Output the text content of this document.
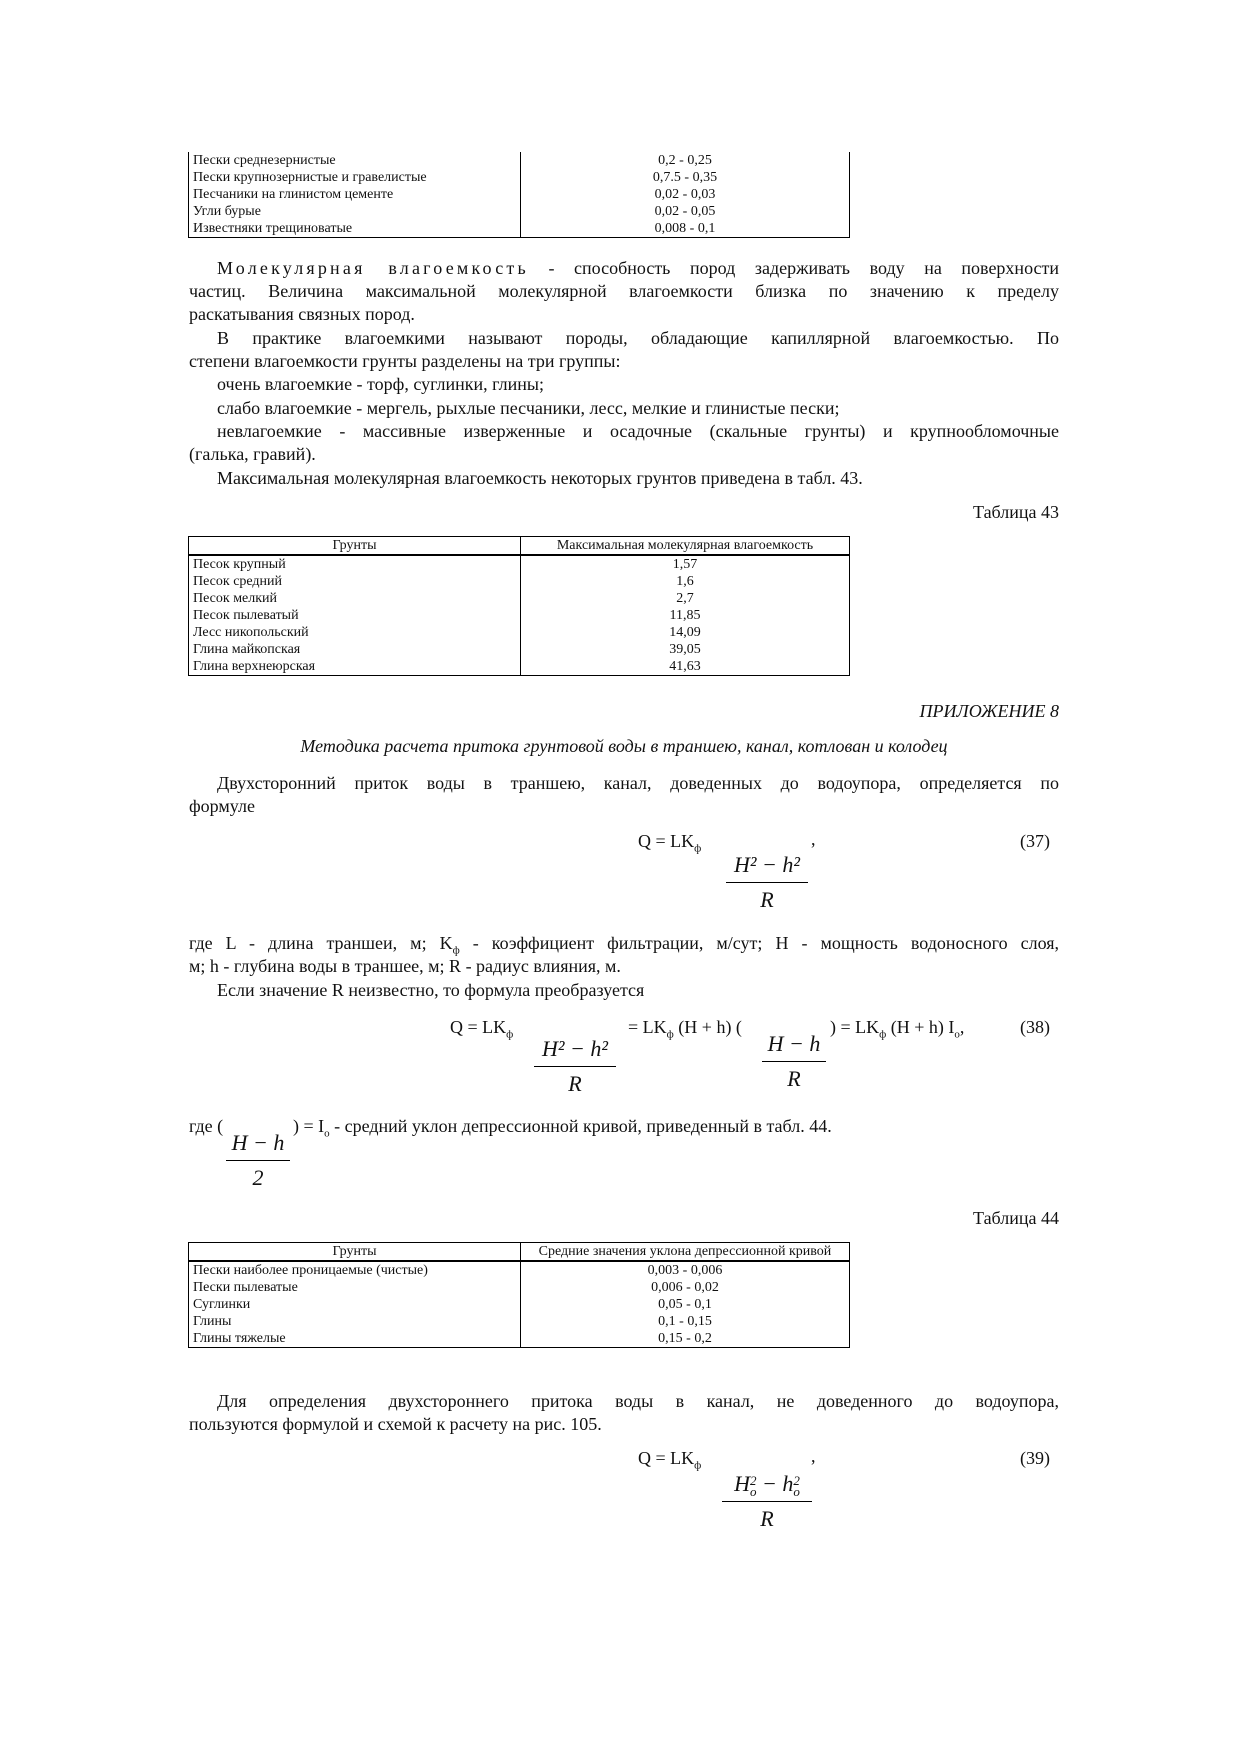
Пески среднезернистые	0,2 - 0,25
Пески крупнозернистые и гравелистые	0,7.5 - 0,35
Песчаники на глинистом цементе	0,02 - 0,03
Угли бурые	0,02 - 0,05
Известняки трещиноватые	0,008 - 0,1
Молекулярная влагоемкость - способность пород задерживать воду на поверхности
частиц. Величина максимальной молекулярной влагоемкости близка по значению к пределу
раскатывания связных пород.
В практике влагоемкими называют породы, обладающие капиллярной влагоемкостью. По
степени влагоемкости грунты разделены на три группы:
очень влагоемкие - торф, суглинки, глины;
слабо влагоемкие - мергель, рыхлые песчаники, лесс, мелкие и глинистые пески;
невлагоемкие - массивные изверженные и осадочные (скальные грунты) и крупнообломочные
(галька, гравий).
Максимальная молекулярная влагоемкость некоторых грунтов приведена в табл. 43.
Таблица 43
Грунты	Максимальная молекулярная влагоемкость
Песок крупный	1,57
Песок средний	1,6
Песок мелкий	2,7
Песок пылеватый	11,85
Лесс никопольский	14,09
Глина майкопская	39,05
Глина верхнеюрская	41,63
ПРИЛОЖЕНИЕ 8
Методика расчета притока грунтовой воды в траншею, канал, котлован и колодец
Двухсторонний приток воды в траншею, канал, доведенных до водоупора, определяется по
формуле
$Q = LK_ф$	,	(37)
$\frac{\text{H² − h²}}{R}$
где L - длина траншеи, м; $K_ф$ - коэффициент фильтрации, м/сут; H - мощность водоносного слоя,
м; h - глубина воды в траншее, м; R - радиус влияния, м.
Если значение R неизвестно, то формула преобразуется
$Q = LK_ф$	= $LK_ф$ (H + h) (	) = $LK_ф$ (H + h) $I_o$,	(38)
$\frac{\text{H² − h²}}{R}$	$\frac{H - h}{R}$
где (	) = $I_o$ - средний уклон депрессионной кривой, приведенный в табл. 44.
$\frac{H - h}{2}$
Таблица 44
Грунты	Средние значения уклона депрессионной кривой
Пески наиболее проницаемые (чистые)	0,003 - 0,006
Пески пылеватые	0,006 - 0,02
Суглинки	0,05 - 0,1
Глины	0,1 - 0,15
Глины тяжелые	0,15 - 0,2
Для определения двухстороннего притока воды в канал, не доведенного до водоупора,
пользуются формулой и схемой к расчету на рис. 105.
$Q = LK_ф$	,	(39)
H 2
o − h 2
o
R
